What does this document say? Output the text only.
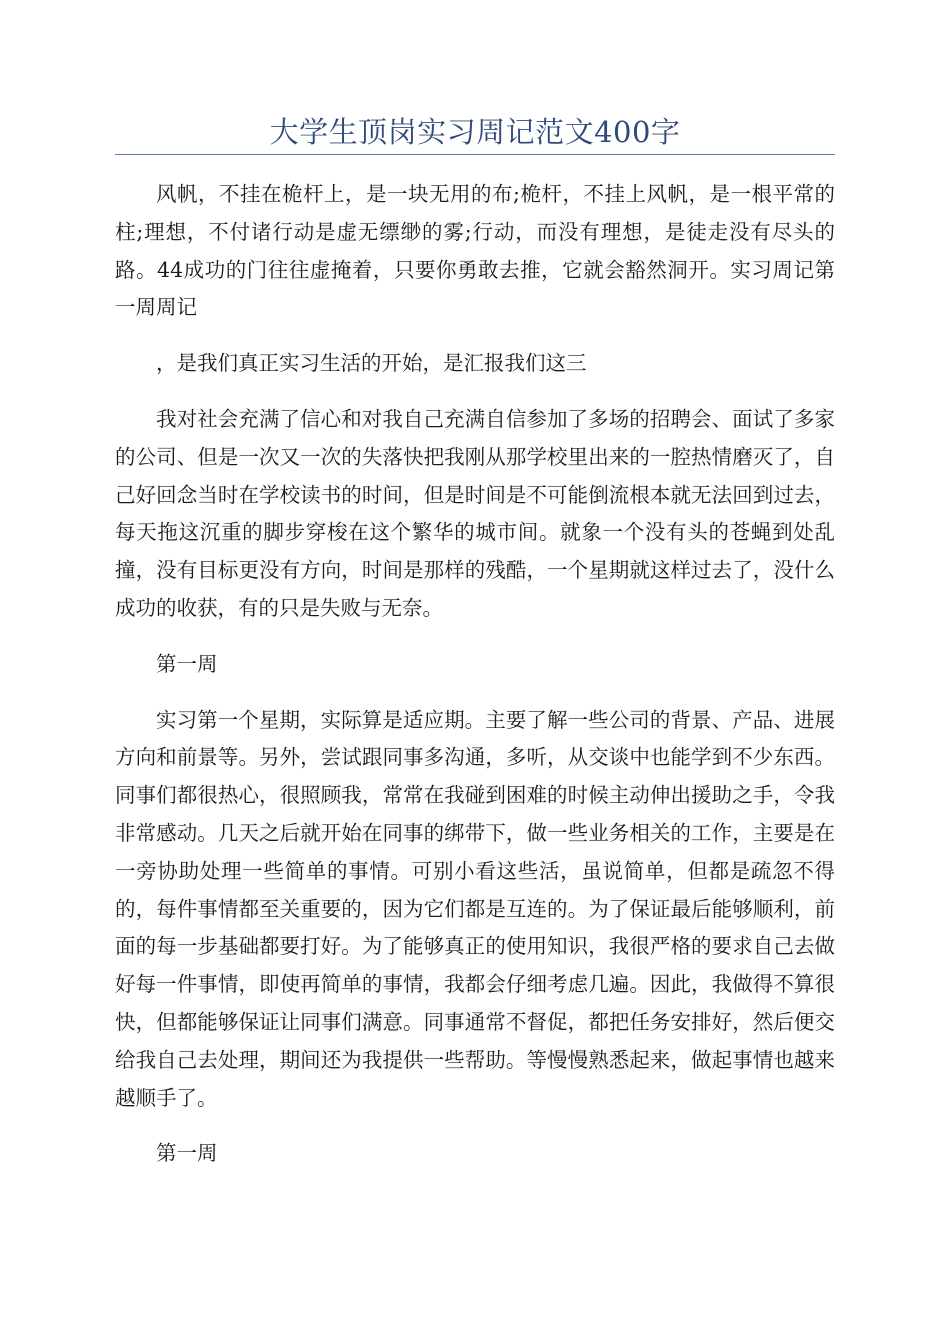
大学生顶岗实习周记范文400字

风帆，不挂在桅杆上，是一块无用的布;桅杆，不挂上风帆，是一根平常的柱;理想，不付诸行动是虚无缥缈的雾;行动，而没有理想，是徒走没有尽头的路。44成功的门往往虚掩着，只要你勇敢去推，它就会豁然洞开。实习周记第一周周记

，是我们真正实习生活的开始，是汇报我们这三

我对社会充满了信心和对我自己充满自信参加了多场的招聘会、面试了多家的公司、但是一次又一次的失落快把我刚从那学校里出来的一腔热情磨灭了，自己好回念当时在学校读书的时间，但是时间是不可能倒流根本就无法回到过去，每天拖这沉重的脚步穿梭在这个繁华的城市间。就象一个没有头的苍蝇到处乱撞，没有目标更没有方向，时间是那样的残酷，一个星期就这样过去了，没什么成功的收获，有的只是失败与无奈。

第一周

实习第一个星期，实际算是适应期。主要了解一些公司的背景、产品、进展方向和前景等。另外，尝试跟同事多沟通，多听，从交谈中也能学到不少东西。同事们都很热心，很照顾我，常常在我碰到困难的时候主动伸出援助之手，令我非常感动。几天之后就开始在同事的绑带下，做一些业务相关的工作，主要是在一旁协助处理一些简单的事情。可别小看这些活，虽说简单，但都是疏忽不得的，每件事情都至关重要的，因为它们都是互连的。为了保证最后能够顺利，前面的每一步基础都要打好。为了能够真正的使用知识，我很严格的要求自己去做好每一件事情，即使再简单的事情，我都会仔细考虑几遍。因此，我做得不算很快，但都能够保证让同事们满意。同事通常不督促，都把任务安排好，然后便交给我自己去处理，期间还为我提供一些帮助。等慢慢熟悉起来，做起事情也越来越顺手了。

第一周
